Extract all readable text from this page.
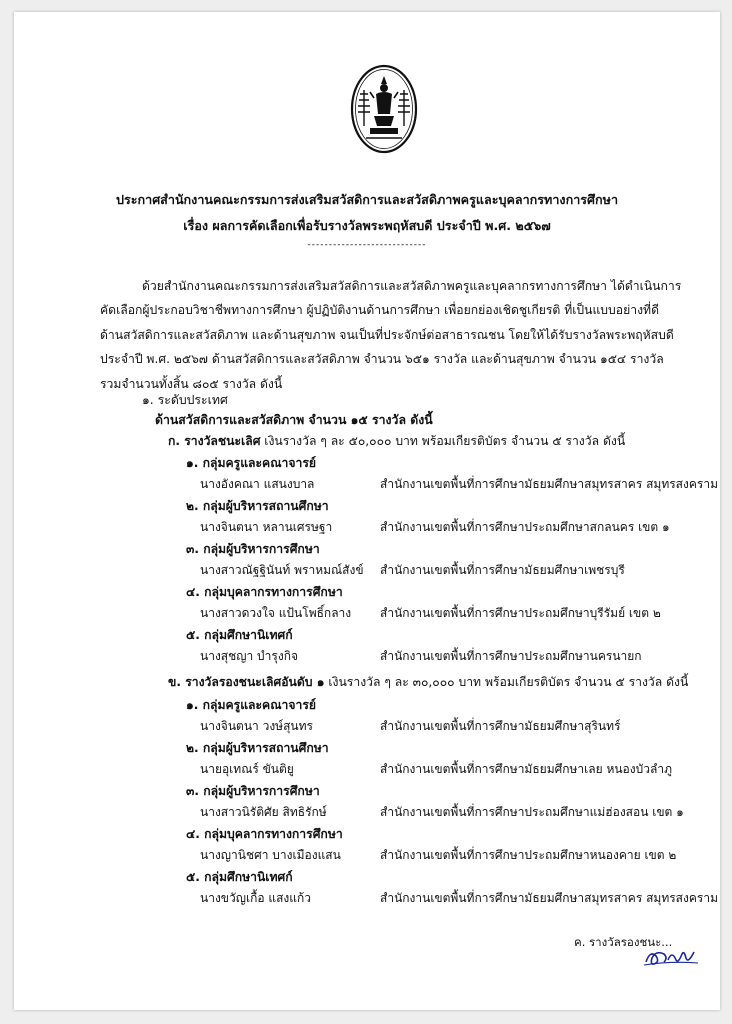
ประกาศสำนักงานคณะกรรมการส่งเสริมสวัสดิการและสวัสดิภาพครูและบุคลากรทางการศึกษา
เรื่อง ผลการคัดเลือกเพื่อรับรางวัลพระพฤหัสบดี ประจำปี พ.ศ. ๒๕๖๗
----------------------------
ด้วยสำนักงานคณะกรรมการส่งเสริมสวัสดิการและสวัสดิภาพครูและบุคลากรทางการศึกษา ได้ดำเนินการ
คัดเลือกผู้ประกอบวิชาชีพทางการศึกษา ผู้ปฏิบัติงานด้านการศึกษา เพื่อยกย่องเชิดชูเกียรติ ที่เป็นแบบอย่างที่ดี
ด้านสวัสดิการและสวัสดิภาพ และด้านสุขภาพ จนเป็นที่ประจักษ์ต่อสาธารณชน โดยให้ได้รับรางวัลพระพฤหัสบดี
ประจำปี พ.ศ. ๒๕๖๗ ด้านสวัสดิการและสวัสดิภาพ จำนวน ๖๕๑ รางวัล และด้านสุขภาพ จำนวน ๑๕๔ รางวัล
รวมจำนวนทั้งสิ้น ๘๐๕ รางวัล ดังนี้
๑. ระดับประเทศ
ด้านสวัสดิการและสวัสดิภาพ จำนวน ๑๕ รางวัล ดังนี้
ก. รางวัลชนะเลิศ เงินรางวัล ๆ ละ ๕๐,๐๐๐ บาท พร้อมเกียรติบัตร จำนวน ๕ รางวัล ดังนี้
๑. กลุ่มครูและคณาจารย์
นางอังคณา แสนงบาล	สำนักงานเขตพื้นที่การศึกษามัธยมศึกษาสมุทรสาคร สมุทรสงคราม
๒. กลุ่มผู้บริหารสถานศึกษา
นางจินตนา หลานเศรษฐา	สำนักงานเขตพื้นที่การศึกษาประถมศึกษาสกลนคร เขต ๑
๓. กลุ่มผู้บริหารการศึกษา
นางสาวณัฐฐินันท์ พราหมณ์สังข์ สำนักงานเขตพื้นที่การศึกษามัธยมศึกษาเพชรบุรี
๔. กลุ่มบุคลากรทางการศึกษา
นางสาวดวงใจ แป้นโพธิ์กลาง สำนักงานเขตพื้นที่การศึกษาประถมศึกษาบุรีรัมย์ เขต ๒
๕. กลุ่มศึกษานิเทศก์
นางสุชญา บำรุงกิจ	สำนักงานเขตพื้นที่การศึกษาประถมศึกษานครนายก
ข. รางวัลรองชนะเลิศอันดับ ๑ เงินรางวัล ๆ ละ ๓๐,๐๐๐ บาท พร้อมเกียรติบัตร จำนวน ๕ รางวัล ดังนี้
๑. กลุ่มครูและคณาจารย์
นางจินตนา วงษ์สุนทร	สำนักงานเขตพื้นที่การศึกษามัธยมศึกษาสุรินทร์
๒. กลุ่มผู้บริหารสถานศึกษา
นายอุเทณร์ ขันติยู	สำนักงานเขตพื้นที่การศึกษามัธยมศึกษาเลย หนองบัวลำภู
๓. กลุ่มผู้บริหารการศึกษา
นางสาวนิรัติศัย สิทธิรักษ์	สำนักงานเขตพื้นที่การศึกษาประถมศึกษาแม่ฮ่องสอน เขต ๑
๔. กลุ่มบุคลากรทางการศึกษา
นางญานิชศา บางเมืองแสน	สำนักงานเขตพื้นที่การศึกษาประถมศึกษาหนองคาย เขต ๒
๕. กลุ่มศึกษานิเทศก์
นางขวัญเกื้อ แสงแก้ว	สำนักงานเขตพื้นที่การศึกษามัธยมศึกษาสมุทรสาคร สมุทรสงคราม
ค. รางวัลรองชนะ...
